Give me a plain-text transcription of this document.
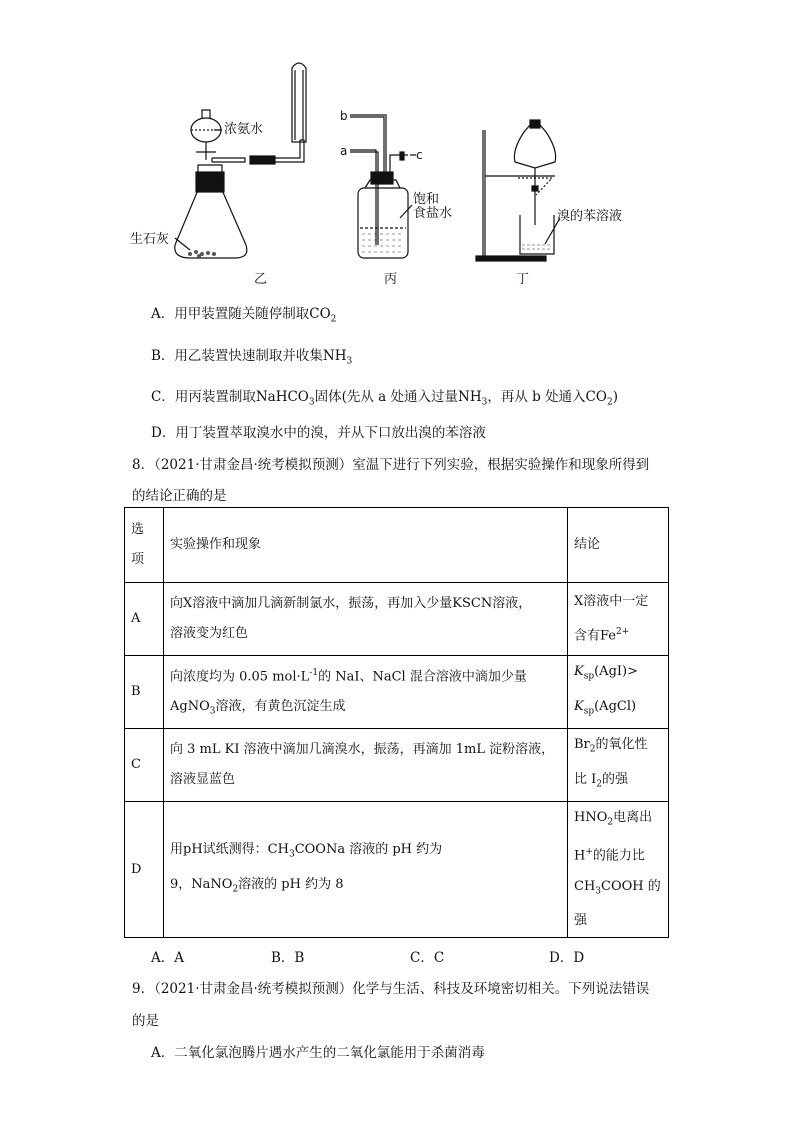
浓氨水
生石灰
b
a	c
饱和
食盐水	溴的苯溶液
乙	丙	丁
A．用甲装置随关随停制取$CO_2$
B．用乙装置快速制取并收集$NH_3$
C．用丙装置制取NaHCO$_3$固体(先从 a 处通入过量$NH_3$，再从 b 处通入$CO_2$)
D．用丁装置萃取溴水中的溴，并从下口放出溴的苯溶液
8．（2021·甘肃金昌·统考模拟预测）室温下进行下列实验，根据实验操作和现象所得到
的结论正确的是
选
项	实验操作和现象	结论
A	向X溶液中滴加几滴新制氯水，振荡，再加入少量KSCN溶液，
溶液变为红色	X溶液中一定
含有$Fe^{2+}$

B	向浓度均为 0.05 $mol\cdot L^{-1}$的 NaI、NaCl 混合溶液中滴加少量
AgNO$_3$溶液，有黄色沉淀生成	$K_{sp}(AgI)>$
$K_{sp}(AgCl)$

C	向 3 mL KI 溶液中滴加几滴溴水，振荡，再滴加 1mL 淀粉溶液，
溶液显蓝色	$Br_2$的氧化性
比 $I_2$的强

D	用pH试纸测得：$CH_3COONa$ 溶液的 pH 约为
9，NaNO$_2$溶液的 pH 约为 8	$HNO_2$电离出
H+的能力比
$CH_3COOH$ 的
强
A．A	B．B	C．C	D．D
9．（2021·甘肃金昌·统考模拟预测）化学与生活、科技及环境密切相关。下列说法错误
的是
A．二氧化氯泡腾片遇水产生的二氧化氯能用于杀菌消毒
